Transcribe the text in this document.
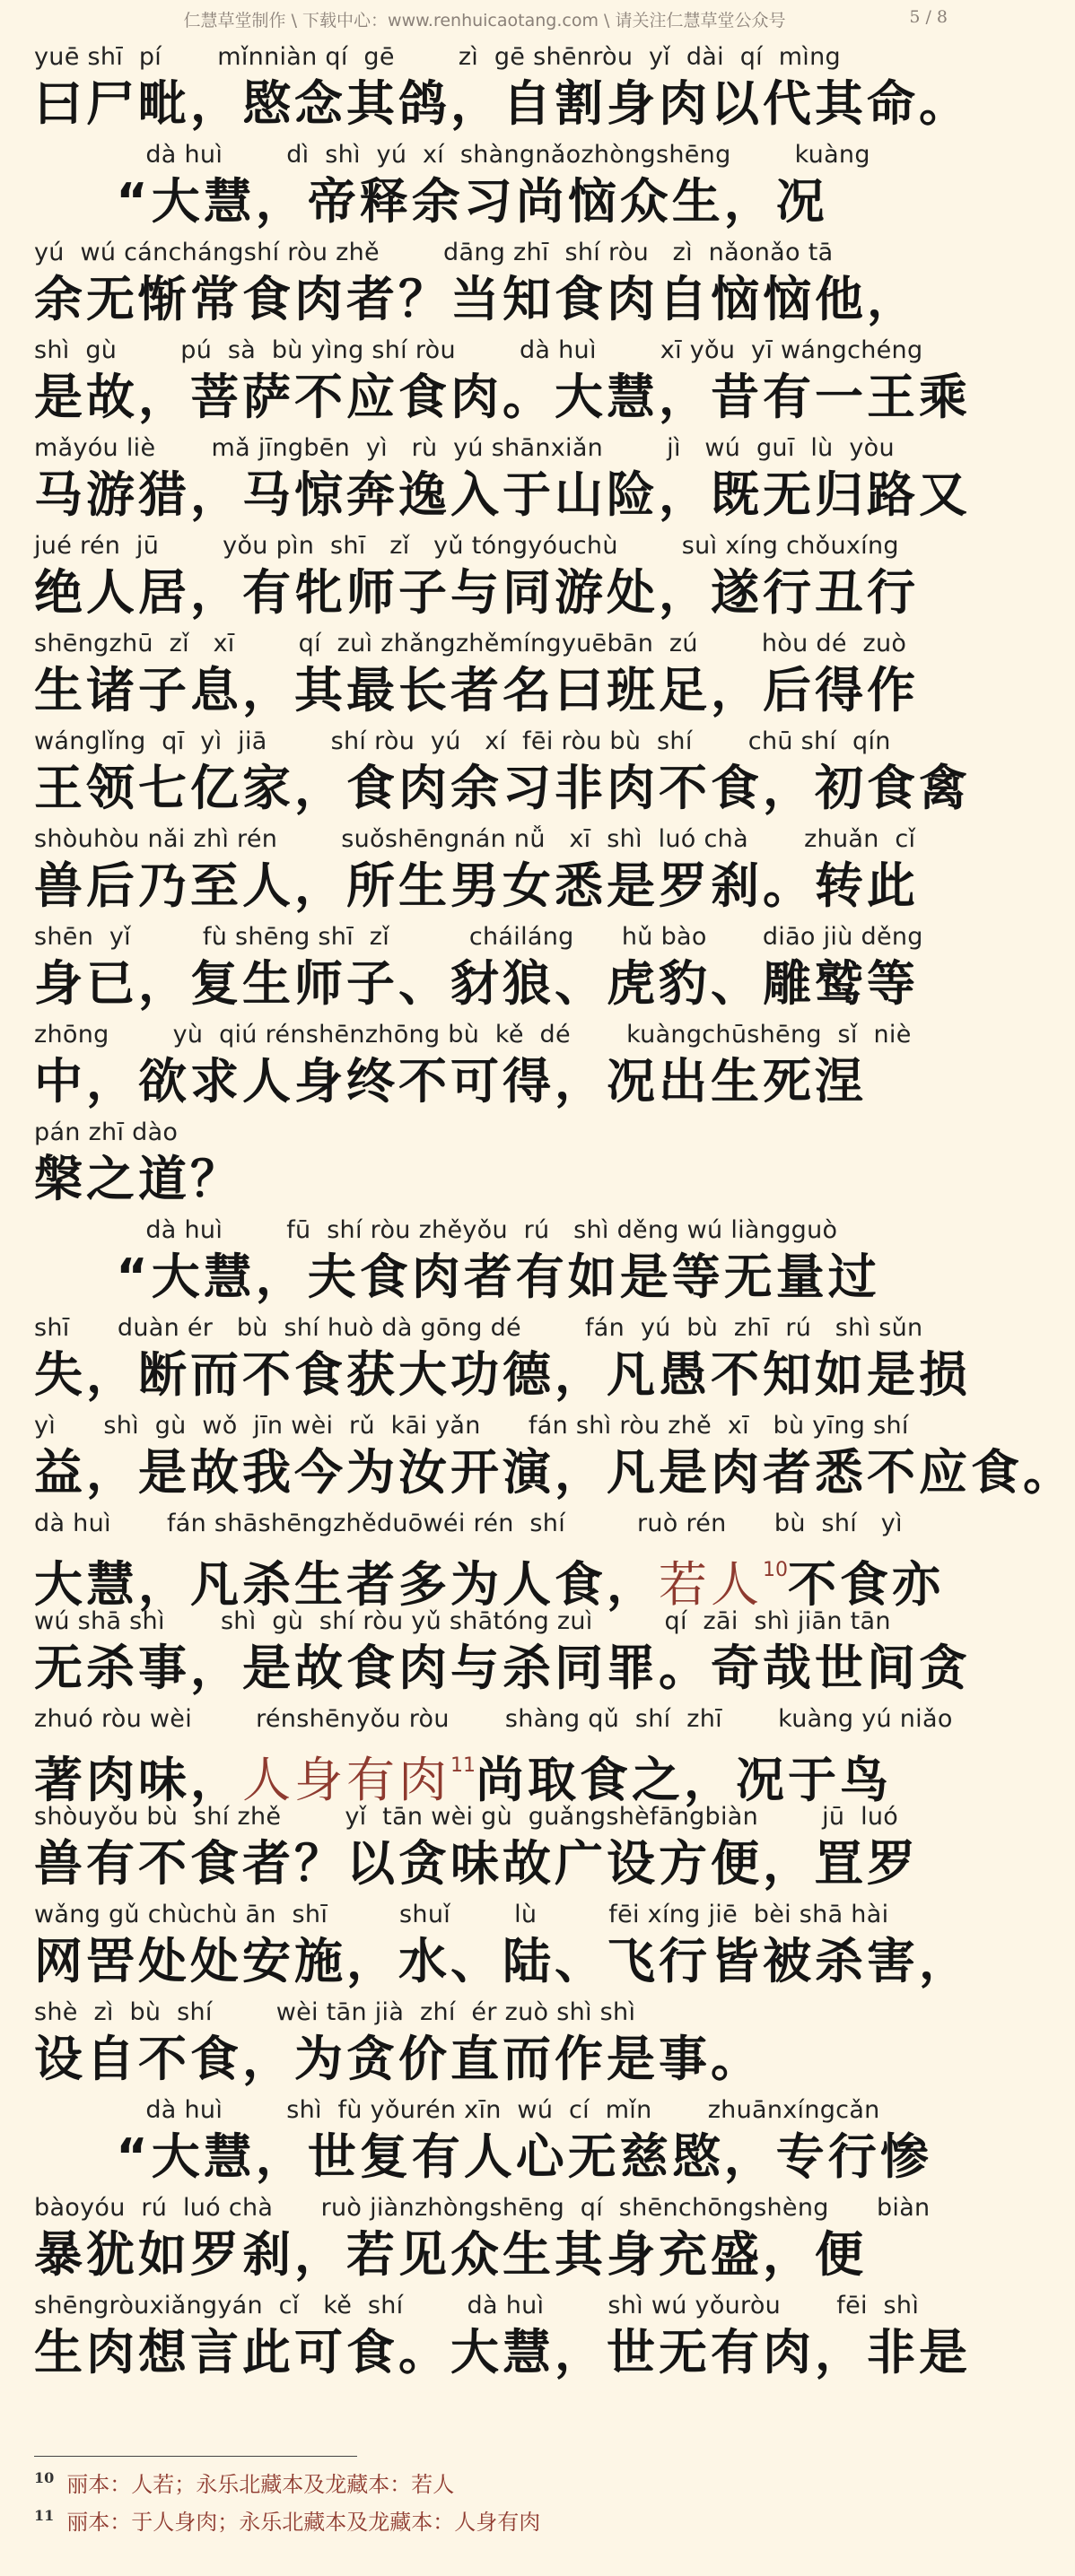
仁慧草堂制作 \ 下载中心：www.renhuicaotang.com \ 请关注仁慧草堂公众号	5 / 8
yuē shī  pí       mǐnniàn qí  gē        zì  gē shēnròu  yǐ  dài  qí  mìng
曰尸毗，愍念其鸽，自割身肉以代其命。
dà huì        dì  shì  yú  xí  shàngnǎozhòngshēng        kuàng
“大慧，帝释余习尚恼众生，况
yú  wú cánchángshí ròu zhě        dāng zhī  shí ròu   zì  nǎonǎo tā
余无惭常食肉者？当知食肉自恼恼他，
shì  gù        pú  sà  bù yìng shí ròu        dà huì        xī yǒu  yī wángchéng
是故，菩萨不应食肉。大慧，昔有一王乘
mǎyóu liè       mǎ jīngbēn  yì   rù  yú shānxiǎn        jì   wú  guī  lù  yòu
马游猎，马惊奔逸入于山险，既无归路又
jué rén  jū        yǒu pìn  shī   zǐ   yǔ tóngyóuchù        suì xíng chǒuxíng
绝人居，有牝师子与同游处，遂行丑行
shēngzhū  zǐ   xī        qí  zuì zhǎngzhěmíngyuēbān  zú        hòu dé  zuò
生诸子息，其最长者名曰班足，后得作
wánglǐng  qī  yì  jiā        shí ròu  yú   xí  fēi ròu bù  shí       chū shí  qín
王领七亿家，食肉余习非肉不食，初食禽
shòuhòu nǎi zhì rén        suǒshēngnán nǚ   xī  shì  luó chà       zhuǎn  cǐ
兽后乃至人，所生男女悉是罗刹。转此
shēn  yǐ         fù shēng shī  zǐ          cháiláng      hǔ bào       diāo jiù děng
身已，复生师子、豺狼、虎豹、雕鹫等
zhōng        yù  qiú rénshēnzhōng bù  kě  dé       kuàngchūshēng  sǐ  niè
中，欲求人身终不可得，况出生死涅
pán zhī dào
槃之道？
dà huì        fū  shí ròu zhěyǒu  rú   shì děng wú liàngguò
“大慧，夫食肉者有如是等无量过
shī      duàn ér   bù  shí huò dà gōng dé        fán  yú  bù  zhī  rú   shì sǔn
失，断而不食获大功德，凡愚不知如是损
yì      shì  gù  wǒ  jīn wèi  rǔ  kāi yǎn      fán shì ròu zhě  xī   bù yīng shí
益，是故我今为汝开演，凡是肉者悉不应食。
dà huì       fán shāshēngzhěduōwéi rén  shí         ruò rén      bù  shí   yì
大慧，凡杀生者多为人食，若人$^{10}$不食亦
wú shā shì       shì  gù  shí ròu yǔ shātóng zuì         qí  zāi  shì jiān tān
无杀事，是故食肉与杀同罪。奇哉世间贪
zhuó ròu wèi        rénshēnyǒu ròu       shàng qǔ  shí  zhī       kuàng yú niǎo
著肉味，人身有肉$^{11}$尚取食之，况于鸟
shòuyǒu bù  shí zhě        yǐ  tān wèi gù  guǎngshèfāngbiàn        jū  luó
兽有不食者？以贪味故广设方便，罝罗
wǎng gǔ chùchù ān  shī         shuǐ        lù         fēi xíng jiē  bèi shā hài
网罟处处安施，水、陆、飞行皆被杀害，
shè  zì  bù  shí        wèi tān jià  zhí  ér zuò shì shì
设自不食，为贪价直而作是事。
dà huì        shì  fù yǒurén xīn  wú  cí  mǐn       zhuānxíngcǎn
“大慧，世复有人心无慈愍，专行惨
bàoyóu  rú  luó chà      ruò jiànzhòngshēng  qí  shēnchōngshèng      biàn
暴犹如罗刹，若见众生其身充盛，便
shēngròuxiǎngyán  cǐ   kě  shí        dà huì        shì wú yǒuròu       fēi  shì
生肉想言此可食。大慧，世无有肉，非是
$^{10}$ 丽本：人若；永乐北藏本及龙藏本：若人
$^{11}$ 丽本：于人身肉；永乐北藏本及龙藏本：人身有肉
